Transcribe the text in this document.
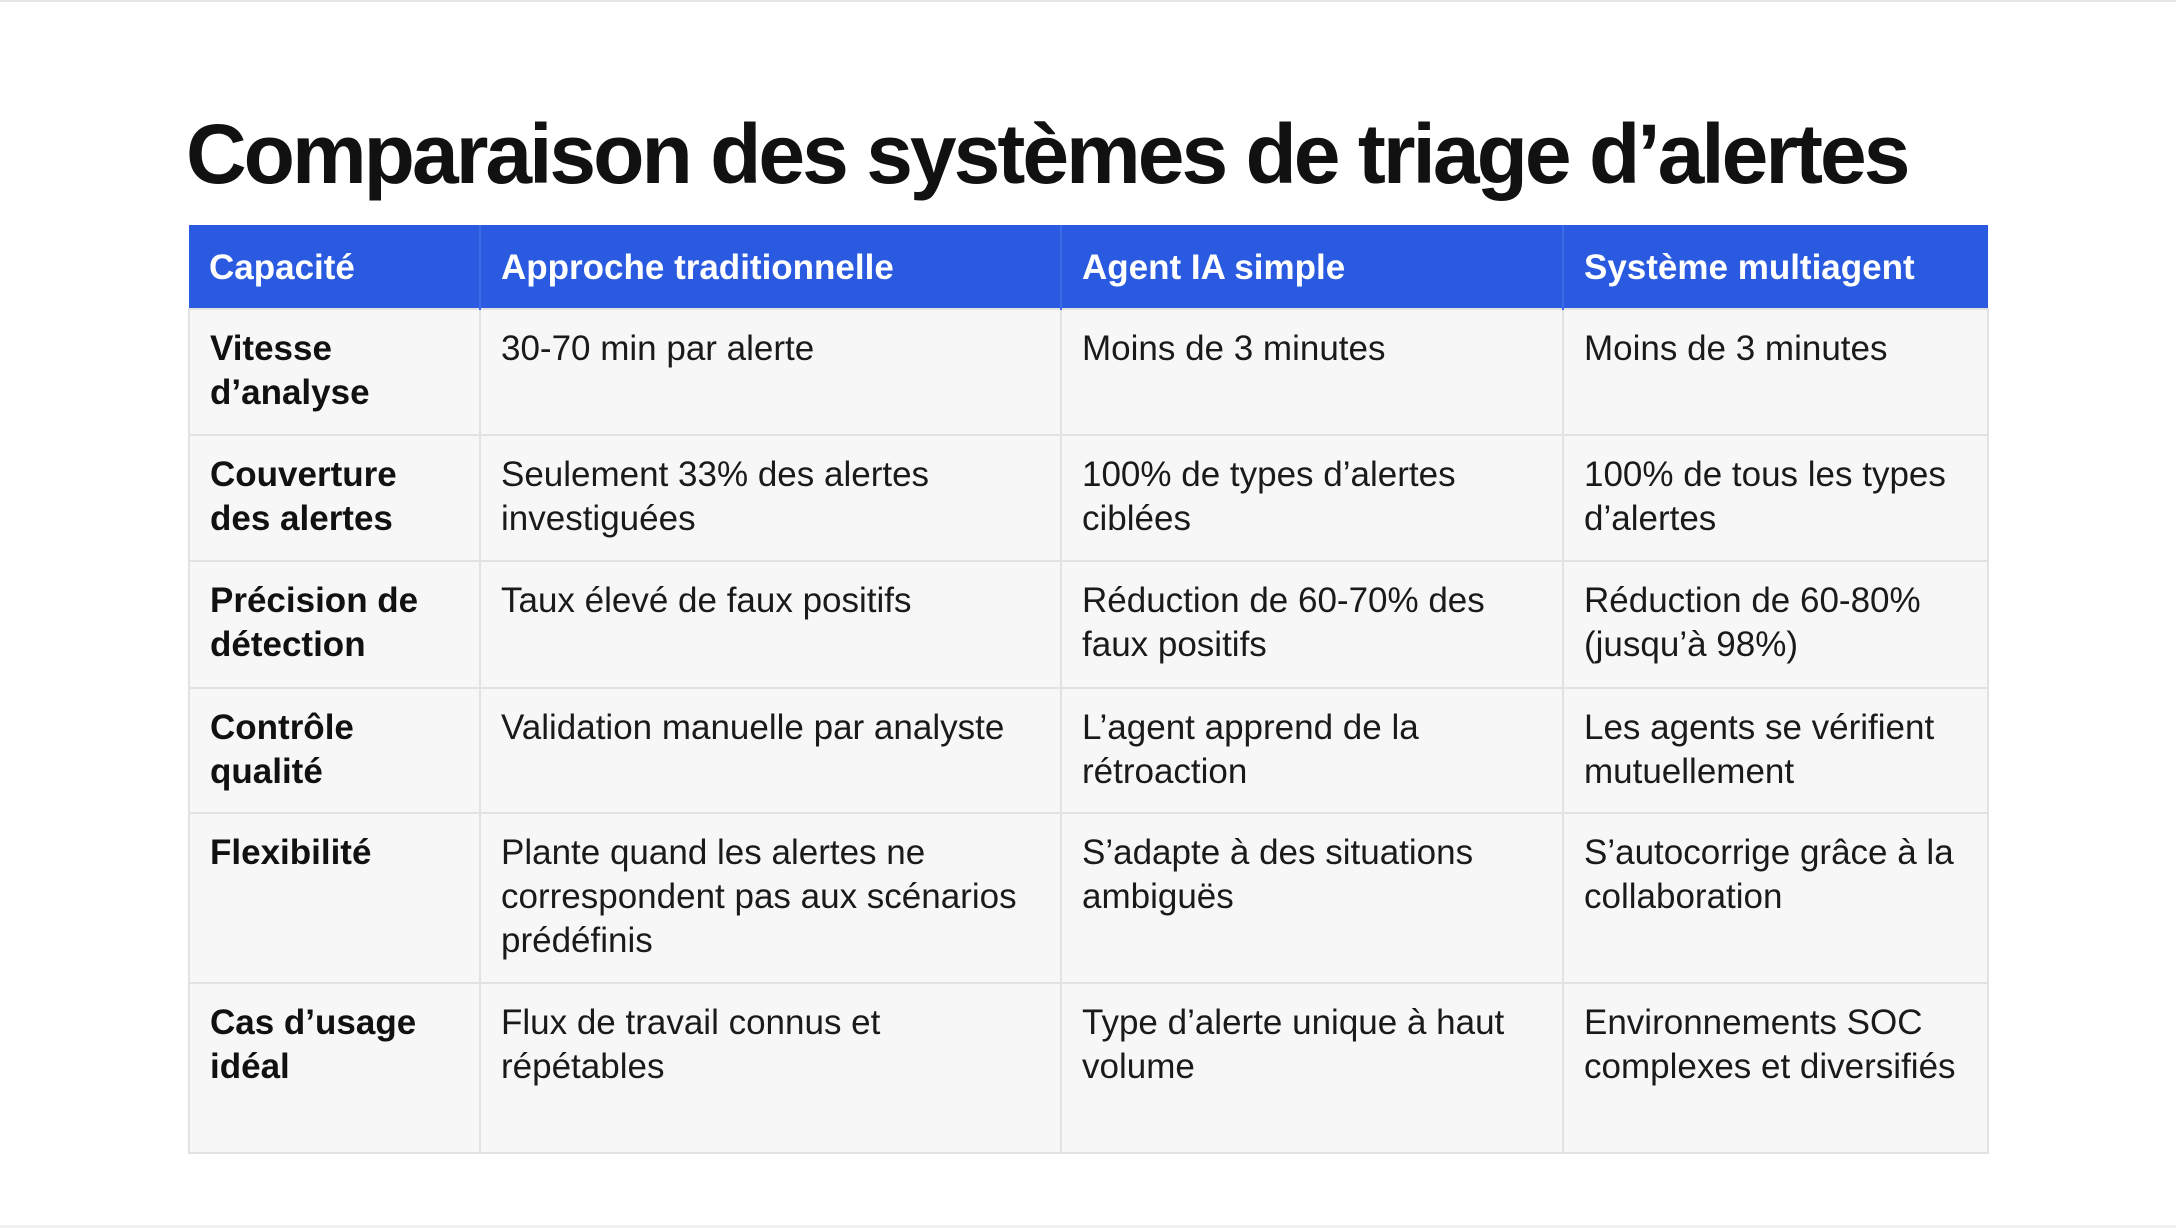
Comparaison des systèmes de triage d’alertes
Capacité	Approche traditionnelle	Agent IA simple	Système multiagent
Vitesse d’analyse	30-70 min par alerte	Moins de 3 minutes	Moins de 3 minutes
Couverture des alertes	Seulement 33% des alertes investiguées	100% de types d’alertes ciblées	100% de tous les types d’alertes
Précision de détection	Taux élevé de faux positifs	Réduction de 60-70% des faux positifs	Réduction de 60-80% (jusqu’à 98%)
Contrôle qualité	Validation manuelle par analyste	L’agent apprend de la rétroaction	Les agents se vérifient mutuellement
Flexibilité	Plante quand les alertes ne correspondent pas aux scénarios prédéfinis	S’adapte à des situations ambiguës	S’autocorrige grâce à la collaboration
Cas d’usage idéal	Flux de travail connus et répétables	Type d’alerte unique à haut volume	Environnements SOC complexes et diversifiés
